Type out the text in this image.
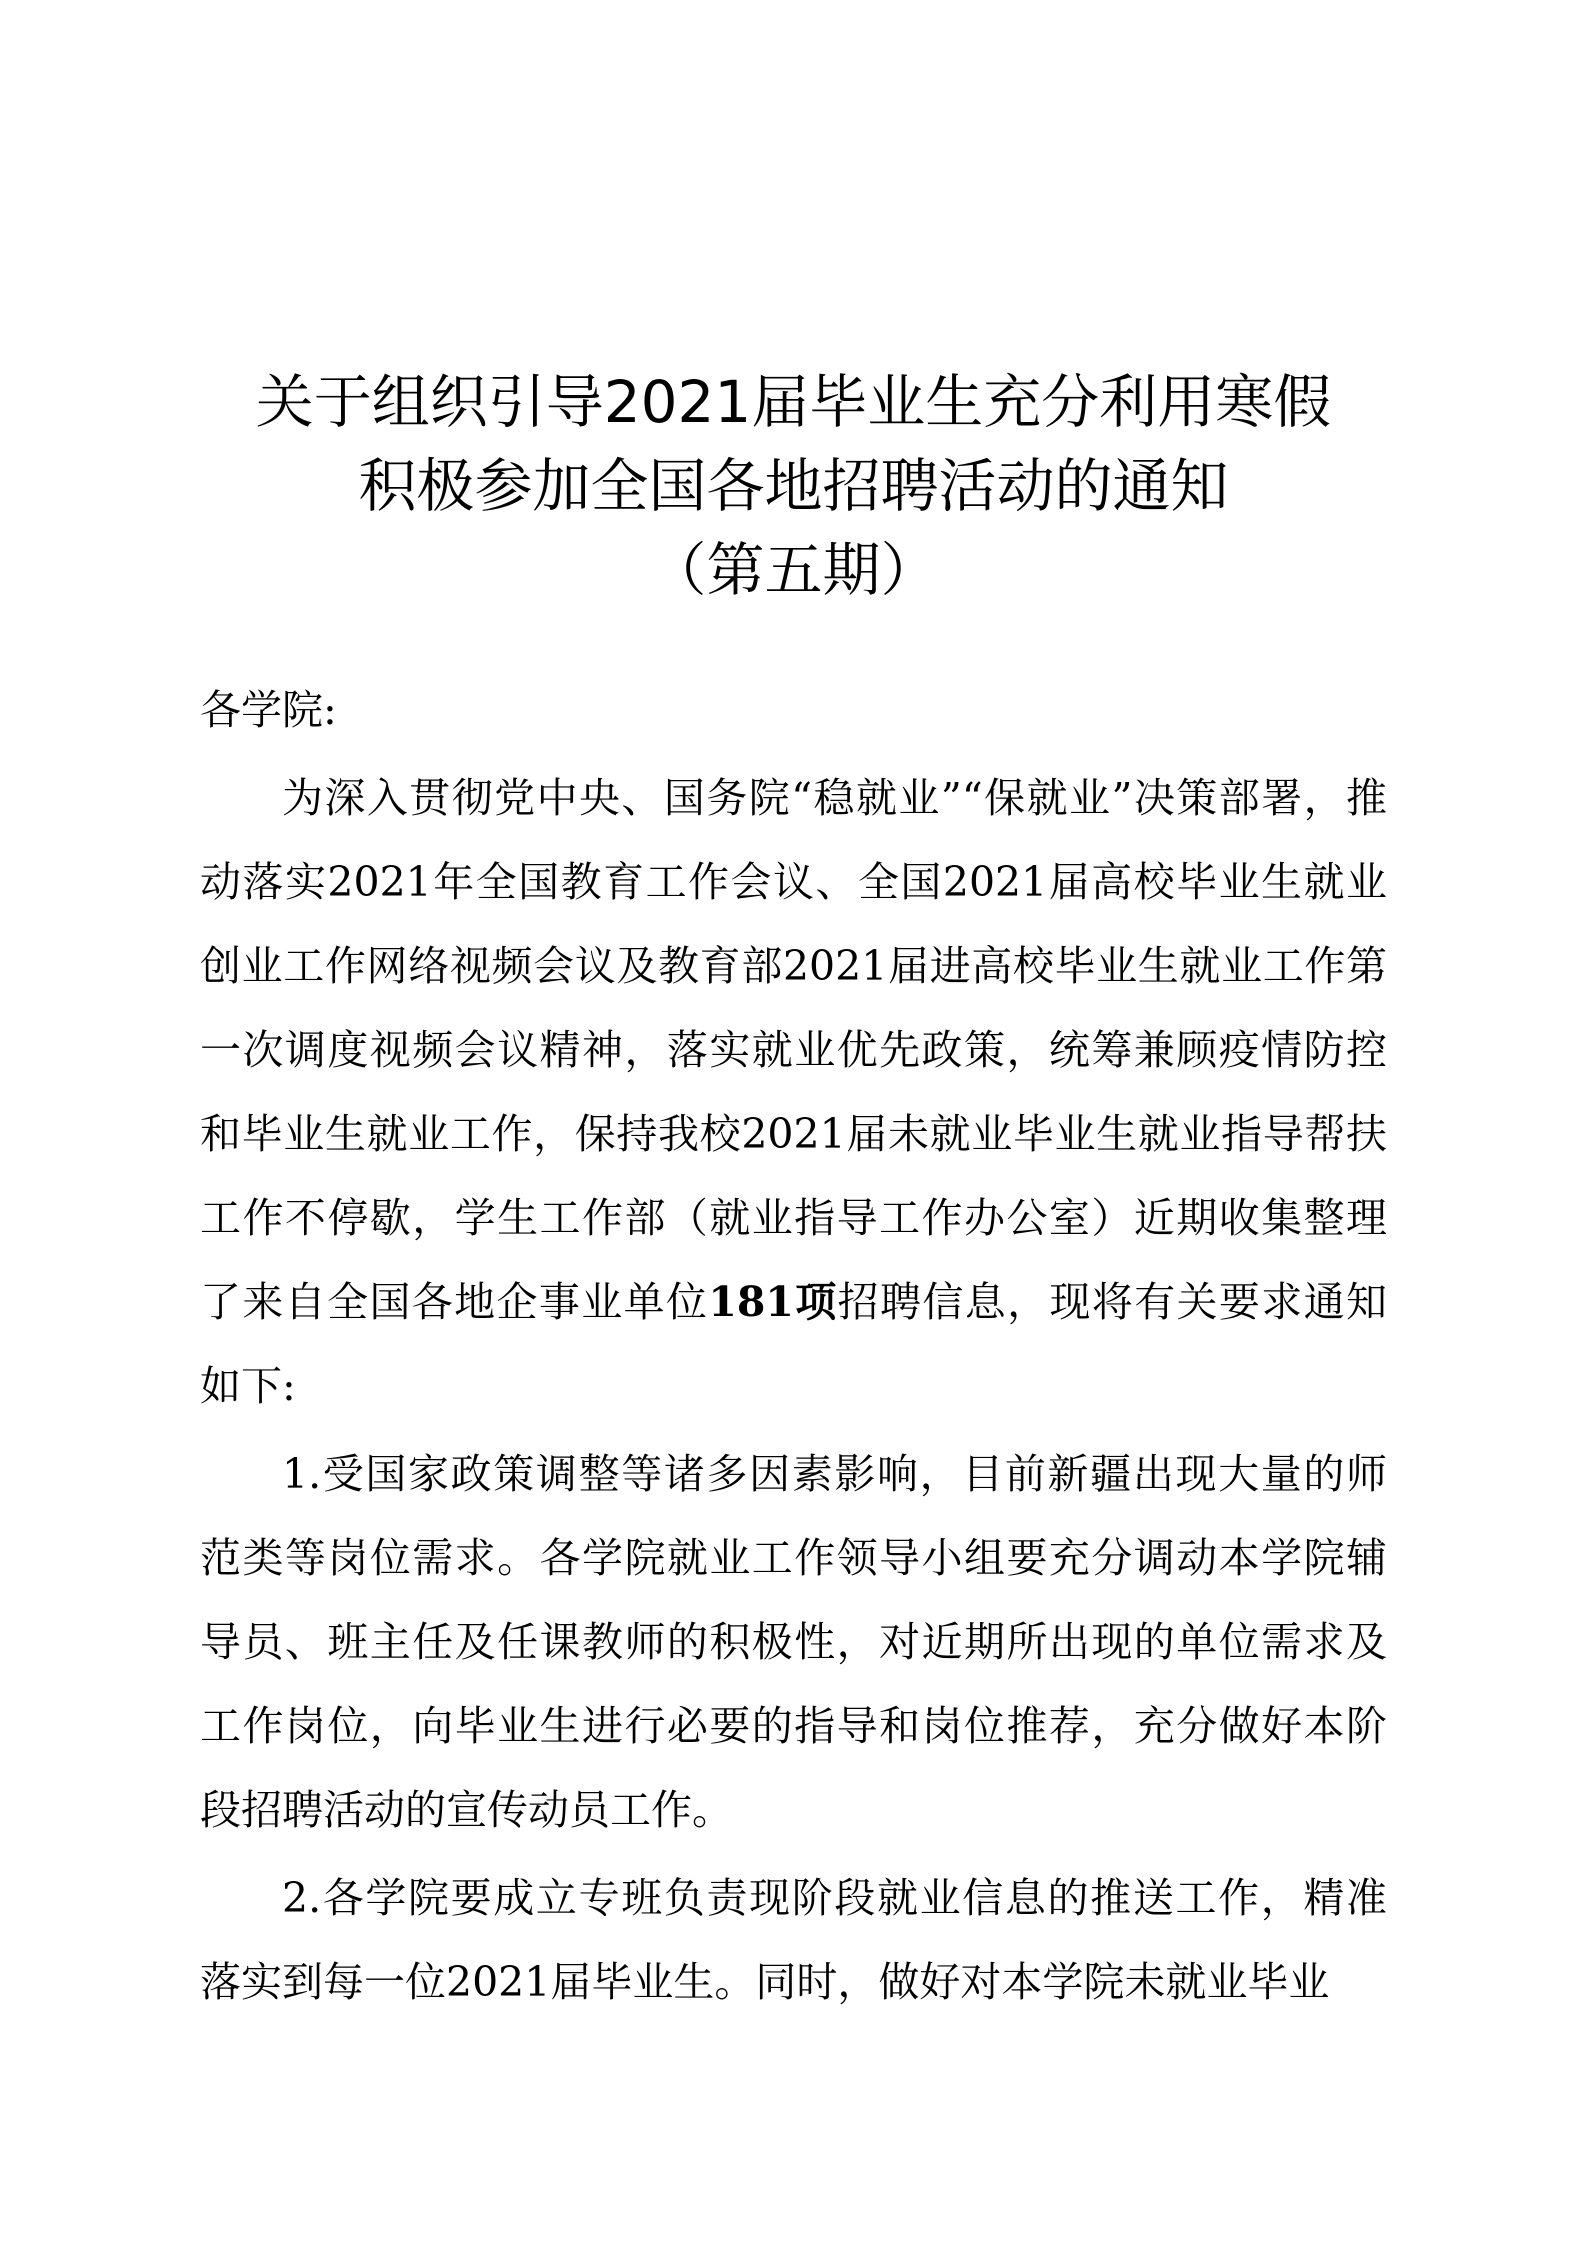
关于组织引导2021届毕业生充分利用寒假
积极参加全国各地招聘活动的通知
（第五期）

各学院:

为深入贯彻党中央、国务院“稳就业”“保就业”决策部署，推动落实2021年全国教育工作会议、全国2021届高校毕业生就业创业工作网络视频会议及教育部2021届进高校毕业生就业工作第一次调度视频会议精神，落实就业优先政策，统筹兼顾疫情防控和毕业生就业工作，保持我校2021届未就业毕业生就业指导帮扶工作不停歇，学生工作部（就业指导工作办公室）近期收集整理了来自全国各地企事业单位181项招聘信息，现将有关要求通知如下:

1.受国家政策调整等诸多因素影响，目前新疆出现大量的师范类等岗位需求。各学院就业工作领导小组要充分调动本学院辅导员、班主任及任课教师的积极性，对近期所出现的单位需求及工作岗位，向毕业生进行必要的指导和岗位推荐，充分做好本阶段招聘活动的宣传动员工作。

2.各学院要成立专班负责现阶段就业信息的推送工作，精准落实到每一位2021届毕业生。同时，做好对本学院未就业毕业
